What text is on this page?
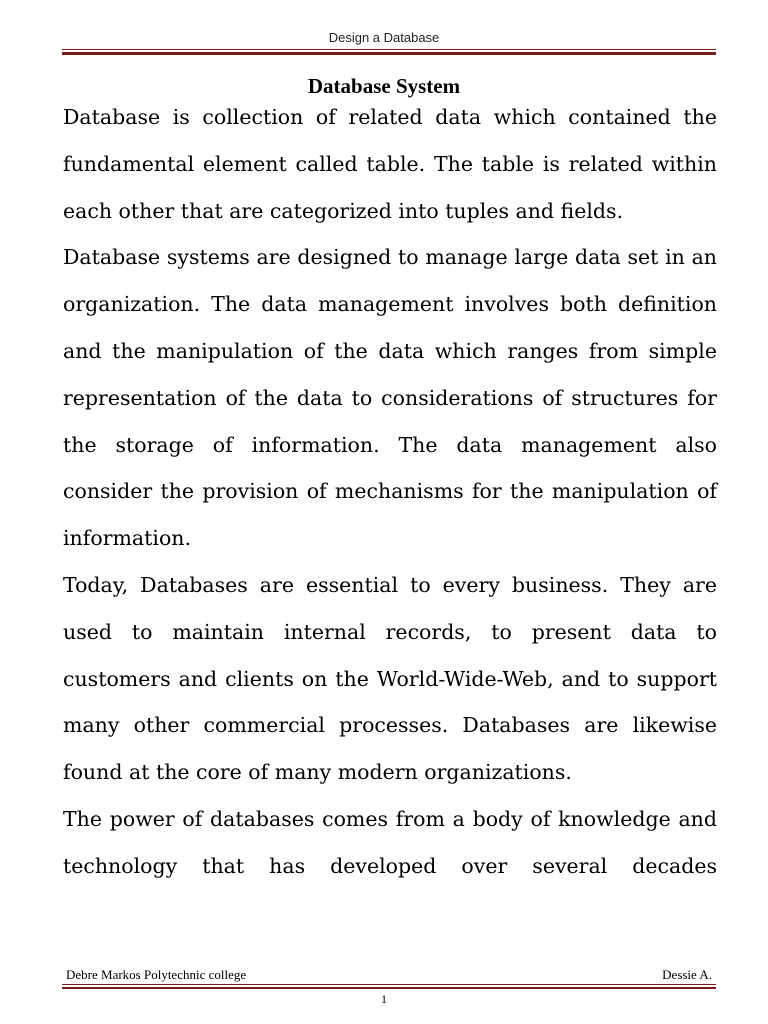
Design a Database
Database System

Database is collection of related data which contained the fundamental element called table. The table is related within each other that are categorized into tuples and fields.

Database systems are designed to manage large data set in an organization. The data management involves both definition and the manipulation of the data which ranges from simple representation of the data to considerations of structures for the storage of information. The data management also consider the provision of mechanisms for the manipulation of information.

Today, Databases are essential to every business. They are used to maintain internal records, to present data to customers and clients on the World-Wide-Web, and to support many other commercial processes. Databases are likewise found at the core of many modern organizations.

The power of databases comes from a body of knowledge and technology that has developed over several decades

Debre Markos Polytechnic college	Dessie A.
1
